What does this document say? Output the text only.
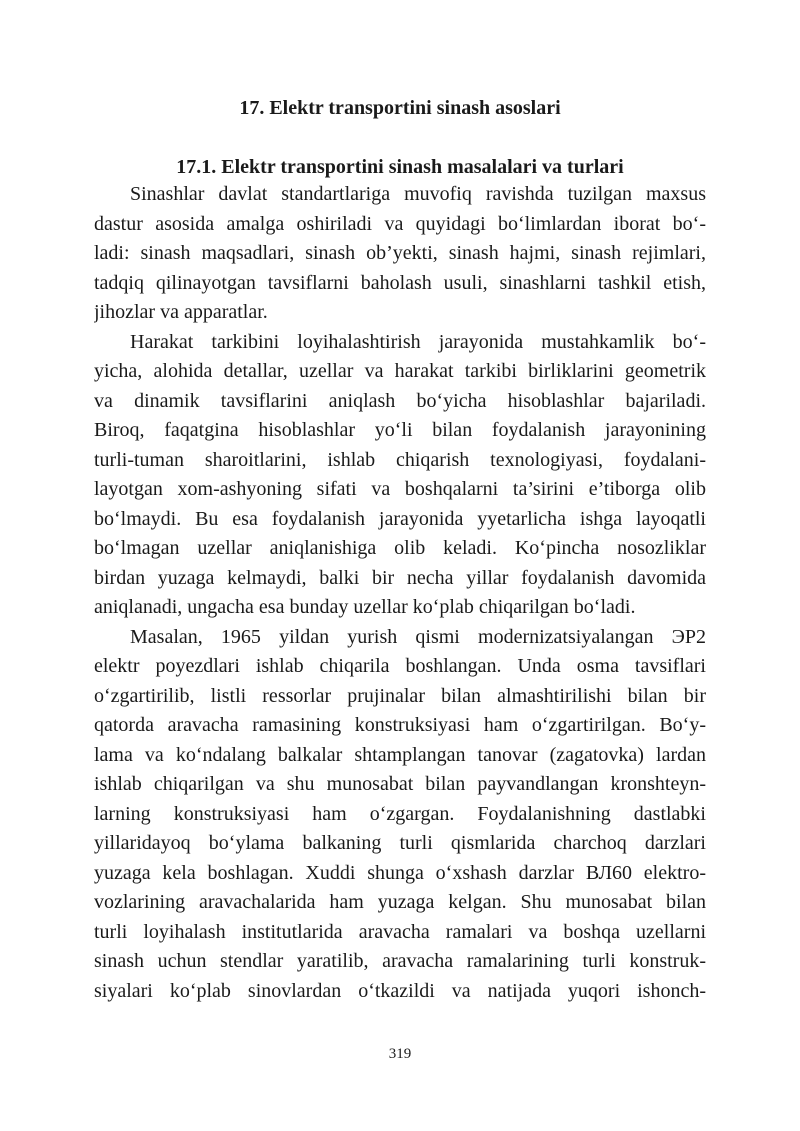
17. Elektr transportini sinash asoslari
17.1. Elektr transportini sinash masalalari va turlari
Sinashlar davlat standartlariga muvofiq ravishda tuzilgan maxsus
dastur asosida amalga oshiriladi va quyidagi bo‘limlardan iborat bo‘-
ladi: sinash maqsadlari, sinash ob’yekti, sinash hajmi, sinash rejimlari,
tadqiq qilinayotgan tavsiflarni baholash usuli, sinashlarni tashkil etish,
jihozlar va apparatlar.
Harakat tarkibini loyihalashtirish jarayonida mustahkamlik bo‘-
yicha, alohida detallar, uzellar va harakat tarkibi birliklarini geometrik
va dinamik tavsiflarini aniqlash bo‘yicha hisoblashlar bajariladi.
Biroq, faqatgina hisoblashlar yo‘li bilan foydalanish jarayonining
turli-tuman sharoitlarini, ishlab chiqarish texnologiyasi, foydalani-
layotgan xom-ashyoning sifati va boshqalarni ta’sirini e’tiborga olib
bo‘lmaydi. Bu esa foydalanish jarayonida yyetarlicha ishga layoqatli
bo‘lmagan uzellar aniqlanishiga olib keladi. Ko‘pincha nosozliklar
birdan yuzaga kelmaydi, balki bir necha yillar foydalanish davomida
aniqlanadi, ungacha esa bunday uzellar ko‘plab chiqarilgan bo‘ladi.
Masalan, 1965 yildan yurish qismi modernizatsiyalangan ЭР2
elektr poyezdlari ishlab chiqarila boshlangan. Unda osma tavsiflari
o‘zgartirilib, listli ressorlar prujinalar bilan almashtirilishi bilan bir
qatorda aravacha ramasining konstruksiyasi ham o‘zgartirilgan. Bo‘y-
lama va ko‘ndalang balkalar shtamplangan tanovar (zagatovka) lardan
ishlab chiqarilgan va shu munosabat bilan payvandlangan kronshteyn-
larning konstruksiyasi ham o‘zgargan. Foydalanishning dastlabki
yillaridayoq bo‘ylama balkaning turli qismlarida charchoq darzlari
yuzaga kela boshlagan. Xuddi shunga o‘xshash darzlar ВЛ60 elektro-
vozlarining aravachalarida ham yuzaga kelgan. Shu munosabat bilan
turli loyihalash institutlarida aravacha ramalari va boshqa uzellarni
sinash uchun stendlar yaratilib, aravacha ramalarining turli konstruk-
siyalari ko‘plab sinovlardan o‘tkazildi va natijada yuqori ishonch-
319
